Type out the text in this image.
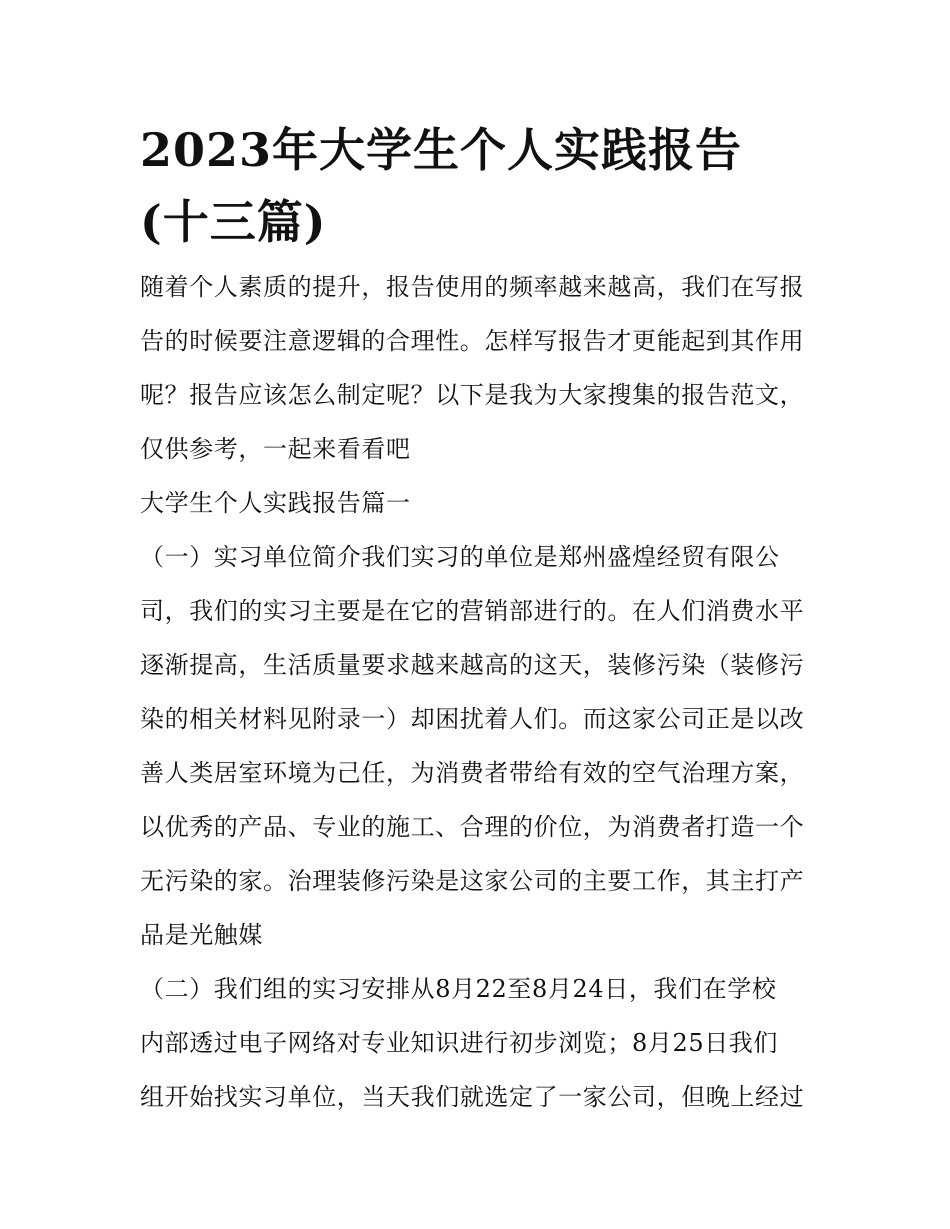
2023年大学生个人实践报告
(十三篇)
随着个人素质的提升，报告使用的频率越来越高，我们在写报
告的时候要注意逻辑的合理性。怎样写报告才更能起到其作用
呢？报告应该怎么制定呢？以下是我为大家搜集的报告范文，
仅供参考，一起来看看吧
大学生个人实践报告篇一
（一）实习单位简介我们实习的单位是郑州盛煌经贸有限公
司，我们的实习主要是在它的营销部进行的。在人们消费水平
逐渐提高，生活质量要求越来越高的这天，装修污染（装修污
染的相关材料见附录一）却困扰着人们。而这家公司正是以改
善人类居室环境为己任，为消费者带给有效的空气治理方案，
以优秀的产品、专业的施工、合理的价位，为消费者打造一个
无污染的家。治理装修污染是这家公司的主要工作，其主打产
品是光触媒
（二）我们组的实习安排从8月22至8月24日，我们在学校
内部透过电子网络对专业知识进行初步浏览；8月25日我们
组开始找实习单位，当天我们就选定了一家公司，但晚上经过
